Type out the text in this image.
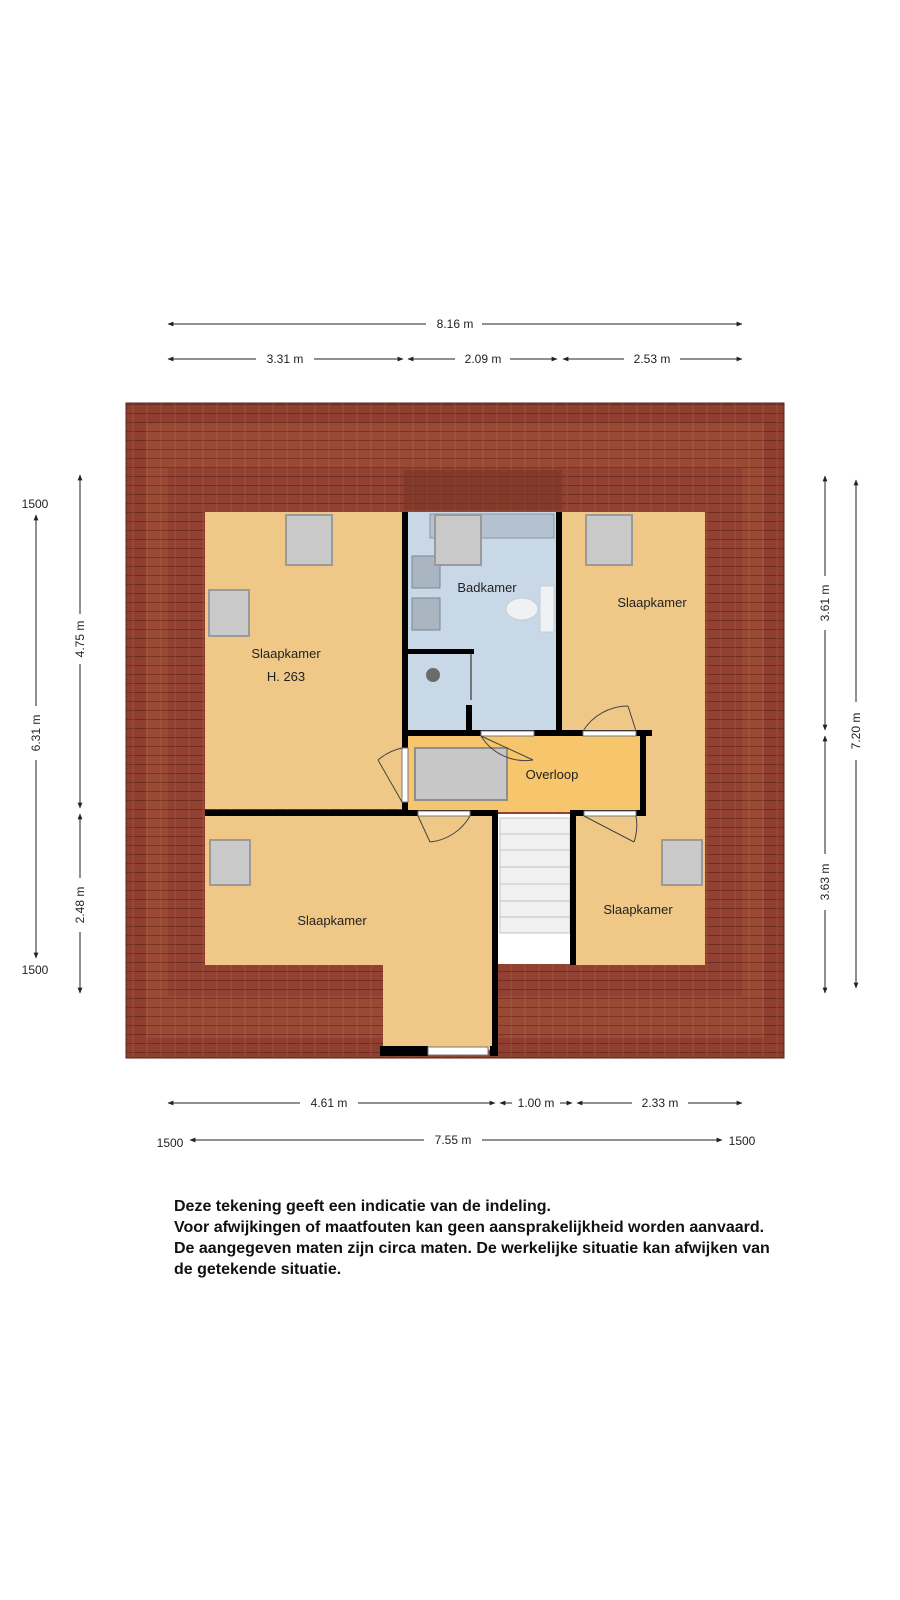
Slaapkamer
H. 263
Badkamer
Slaapkamer
Overloop
Slaapkamer
Slaapkamer
8.16 m
3.31 m	2.09 m	2.53 m
1500
1500
6.31 m
4.75 m
2.48 m
3.61 m
3.63 m
7.20 m
4.61 m	1.00 m	2.33 m
7.55 m
1500	1500
Deze tekening geeft een indicatie van de indeling.
Voor afwijkingen of maatfouten kan geen aansprakelijkheid worden aanvaard.
De aangegeven maten zijn circa maten. De werkelijke situatie kan afwijken van
de getekende situatie.
